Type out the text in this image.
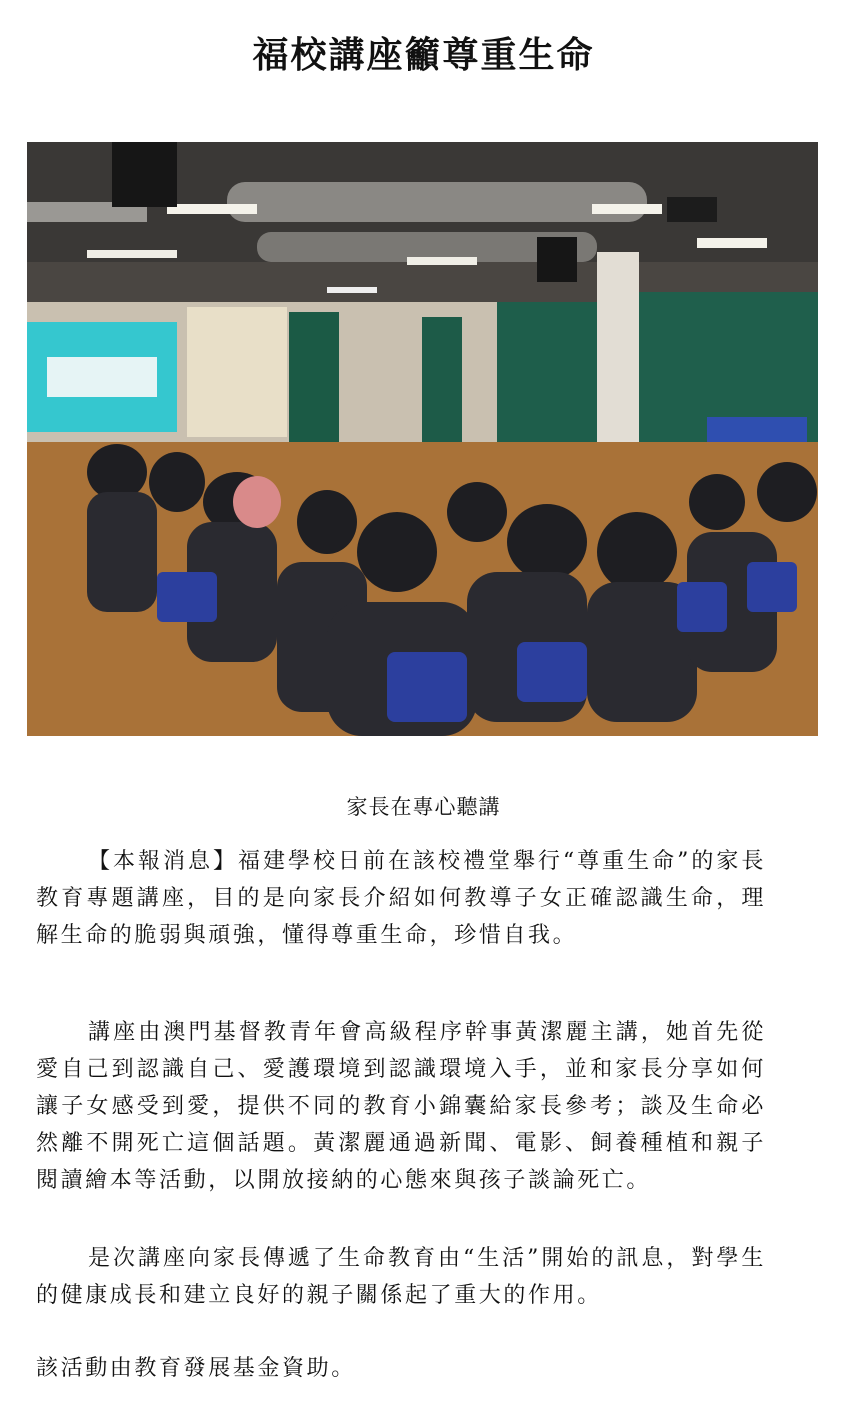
福校講座籲尊重生命
家長在專心聽講

【本報消息】福建學校日前在該校禮堂舉行“尊重生命”的家長教育專題講座，目的是向家長介紹如何教導子女正確認識生命，理解生命的脆弱與頑強，懂得尊重生命，珍惜自我。

講座由澳門基督教青年會高級程序幹事黃潔麗主講，她首先從愛自己到認識自己、愛護環境到認識環境入手，並和家長分享如何讓子女感受到愛，提供不同的教育小錦囊給家長參考；談及生命必然離不開死亡這個話題。黃潔麗通過新聞、電影、飼養種植和親子閱讀繪本等活動，以開放接納的心態來與孩子談論死亡。

是次講座向家長傳遞了生命教育由“生活”開始的訊息，對學生的健康成長和建立良好的親子關係起了重大的作用。

該活動由教育發展基金資助。
